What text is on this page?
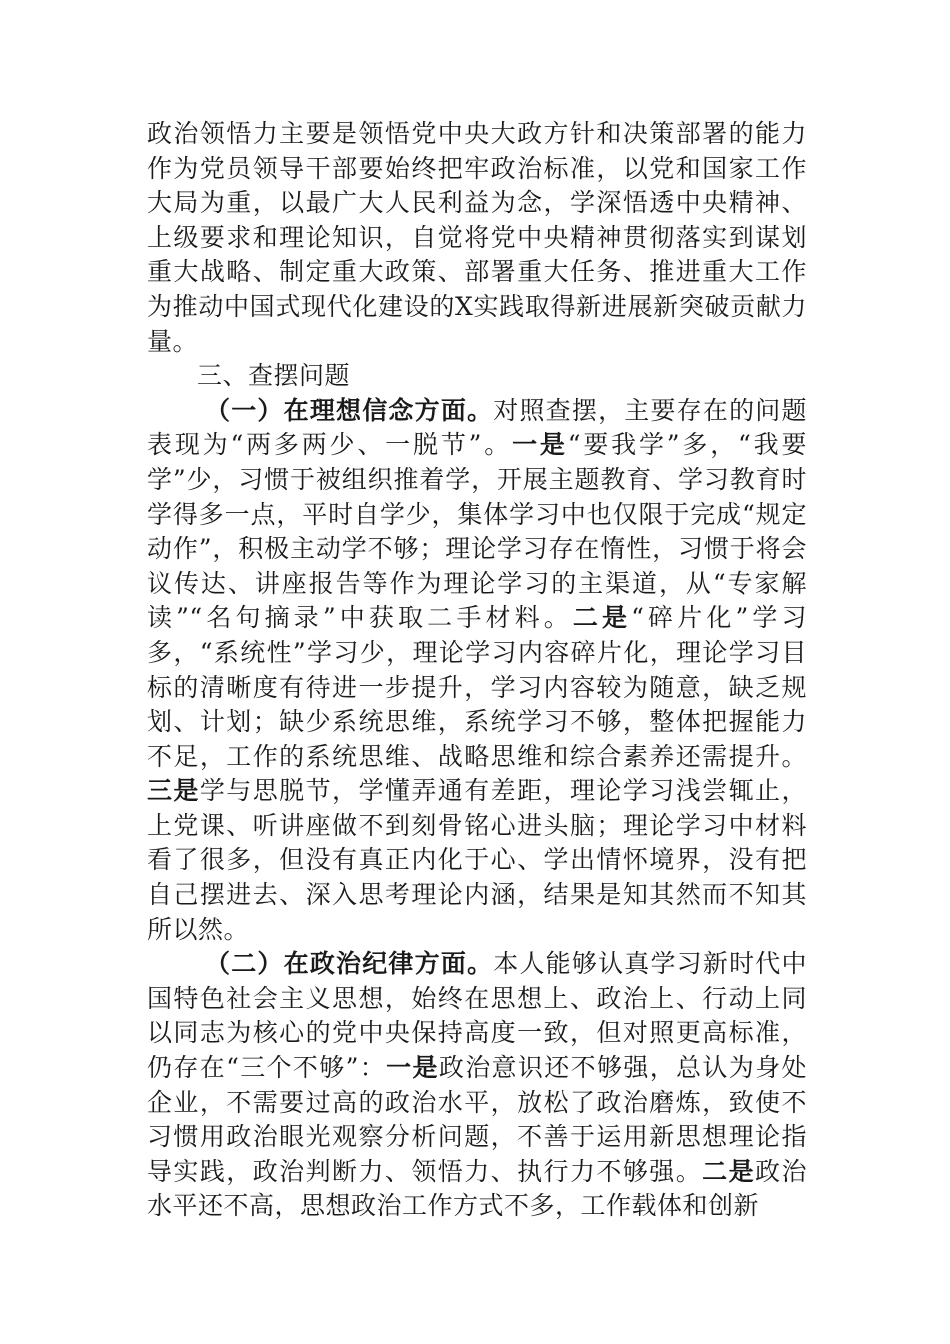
政治领悟力主要是领悟党中央大政方针和决策部署的能力作为党员领导干部要始终把牢政治标准，以党和国家工作大局为重，以最广大人民利益为念，学深悟透中央精神、上级要求和理论知识，自觉将党中央精神贯彻落实到谋划重大战略、制定重大政策、部署重大任务、推进重大工作为推动中国式现代化建设的X实践取得新进展新突破贡献力量。

三、查摆问题

（一）在理想信念方面。对照查摆，主要存在的问题表现为“两多两少、一脱节”。一是“要我学”多，“我要学”少，习惯于被组织推着学，开展主题教育、学习教育时学得多一点，平时自学少，集体学习中也仅限于完成“规定动作”，积极主动学不够；理论学习存在惰性，习惯于将会议传达、讲座报告等作为理论学习的主渠道，从“专家解读”“名句摘录”中获取二手材料。二是“碎片化”学习多，“系统性”学习少，理论学习内容碎片化，理论学习目标的清晰度有待进一步提升，学习内容较为随意，缺乏规划、计划；缺少系统思维，系统学习不够，整体把握能力不足，工作的系统思维、战略思维和综合素养还需提升。三是学与思脱节，学懂弄通有差距，理论学习浅尝辄止，上党课、听讲座做不到刻骨铭心进头脑；理论学习中材料看了很多，但没有真正内化于心、学出情怀境界，没有把自己摆进去、深入思考理论内涵，结果是知其然而不知其所以然。

（二）在政治纪律方面。本人能够认真学习新时代中国特色社会主义思想，始终在思想上、政治上、行动上同以同志为核心的党中央保持高度一致，但对照更高标准，仍存在“三个不够”：一是政治意识还不够强，总认为身处企业，不需要过高的政治水平，放松了政治磨炼，致使不习惯用政治眼光观察分析问题，不善于运用新思想理论指导实践，政治判断力、领悟力、执行力不够强。二是政治水平还不高，思想政治工作方式不多，工作载体和创新
